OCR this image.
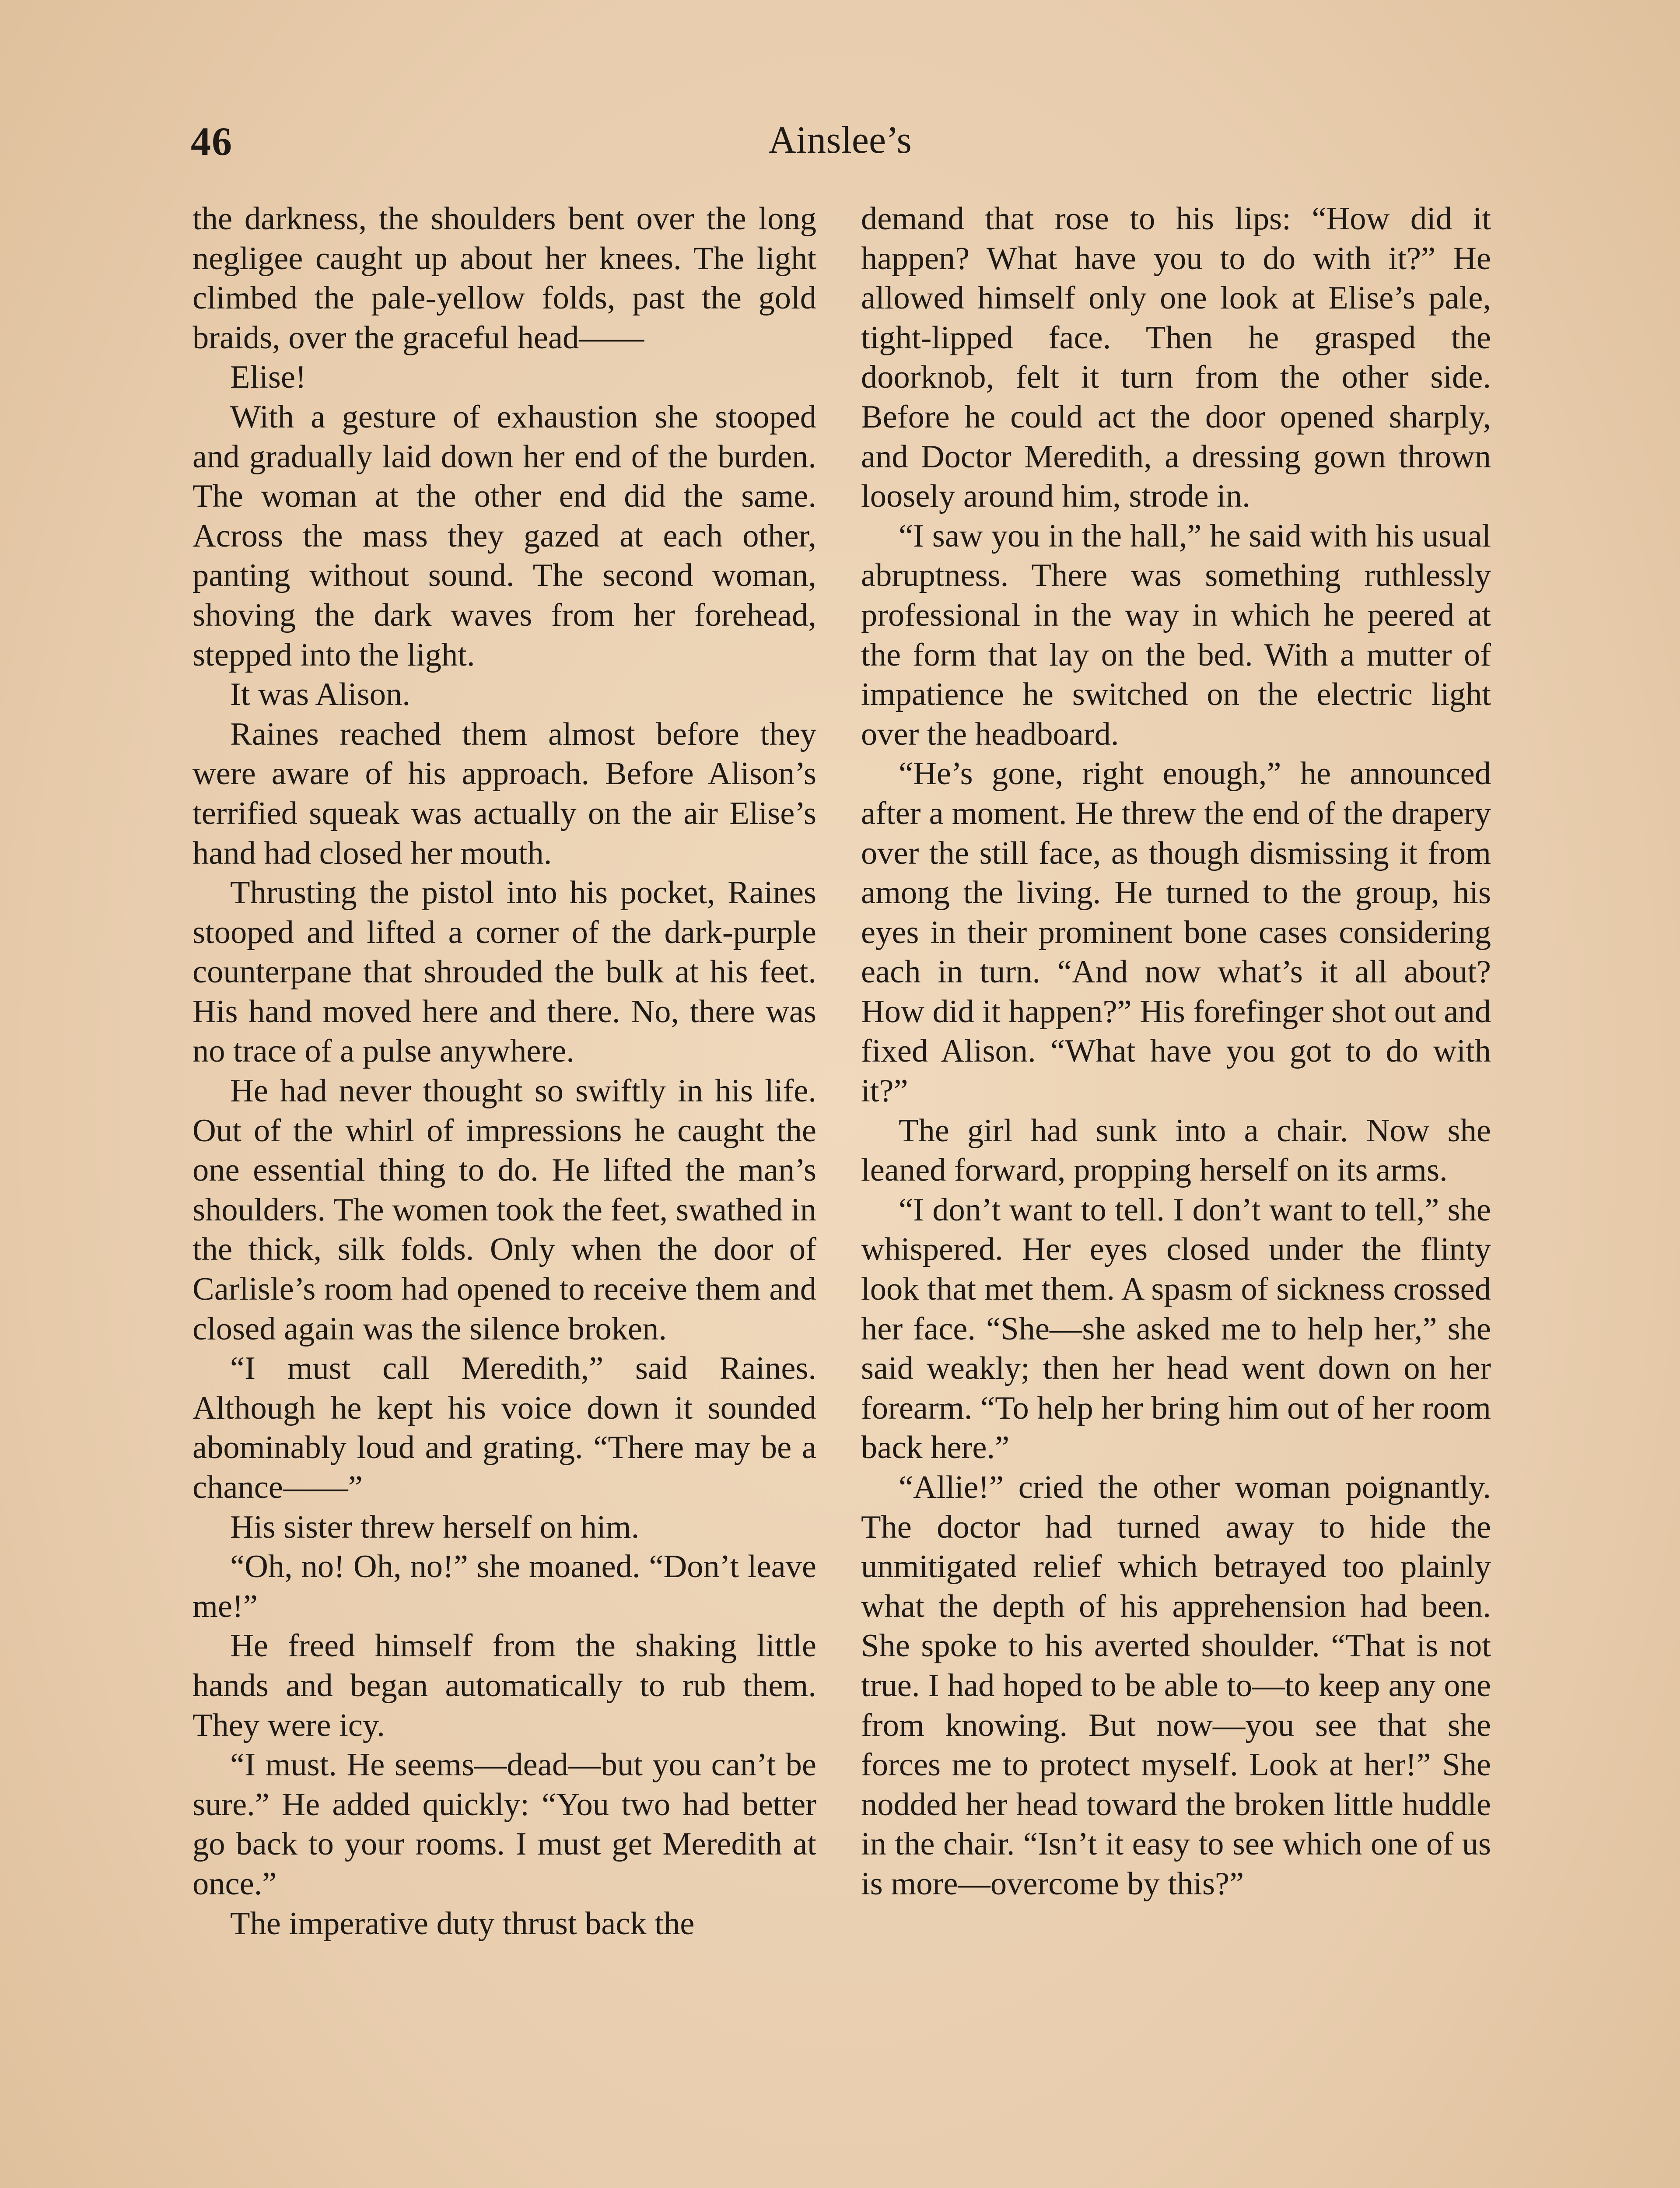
46	Ainslee’s

the darkness, the shoulders bent over the long negligee caught up about her knees. The light climbed the pale-yellow folds, past the gold braids, over the graceful head——

Elise!

With a gesture of exhaustion she stooped and gradually laid down her end of the burden. The woman at the other end did the same. Across the mass they gazed at each other, panting without sound. The second woman, shoving the dark waves from her forehead, stepped into the light.

It was Alison.

Raines reached them almost before they were aware of his approach. Before Alison’s terrified squeak was actually on the air Elise’s hand had closed her mouth.

Thrusting the pistol into his pocket, Raines stooped and lifted a corner of the dark-purple counterpane that shrouded the bulk at his feet. His hand moved here and there. No, there was no trace of a pulse anywhere.

He had never thought so swiftly in his life. Out of the whirl of impressions he caught the one essential thing to do. He lifted the man’s shoulders. The women took the feet, swathed in the thick, silk folds. Only when the door of Carlisle’s room had opened to receive them and closed again was the silence broken.

“I must call Meredith,” said Raines. Although he kept his voice down it sounded abominably loud and grating. “There may be a chance——”

His sister threw herself on him.

“Oh, no! Oh, no!” she moaned. “Don’t leave me!”

He freed himself from the shaking little hands and began automatically to rub them. They were icy.

“I must. He seems—dead—but you can’t be sure.” He added quickly: “You two had better go back to your rooms. I must get Meredith at once.”

The imperative duty thrust back the

demand that rose to his lips: “How did it happen? What have you to do with it?” He allowed himself only one look at Elise’s pale, tight-lipped face. Then he grasped the doorknob, felt it turn from the other side. Before he could act the door opened sharply, and Doctor Meredith, a dressing gown thrown loosely around him, strode in.

“I saw you in the hall,” he said with his usual abruptness. There was something ruthlessly professional in the way in which he peered at the form that lay on the bed. With a mutter of impatience he switched on the electric light over the headboard.

“He’s gone, right enough,” he announced after a moment. He threw the end of the drapery over the still face, as though dismissing it from among the living. He turned to the group, his eyes in their prominent bone cases considering each in turn. “And now what’s it all about? How did it happen?” His forefinger shot out and fixed Alison. “What have you got to do with it?”

The girl had sunk into a chair. Now she leaned forward, propping herself on its arms.

“I don’t want to tell. I don’t want to tell,” she whispered. Her eyes closed under the flinty look that met them. A spasm of sickness crossed her face. “She—she asked me to help her,” she said weakly; then her head went down on her forearm. “To help her bring him out of her room back here.”

“Allie!” cried the other woman poignantly. The doctor had turned away to hide the unmitigated relief which betrayed too plainly what the depth of his apprehension had been. She spoke to his averted shoulder. “That is not true. I had hoped to be able to—to keep any one from knowing. But now—you see that she forces me to protect myself. Look at her!” She nodded her head toward the broken little huddle in the chair. “Isn’t it easy to see which one of us is more—overcome by this?”
